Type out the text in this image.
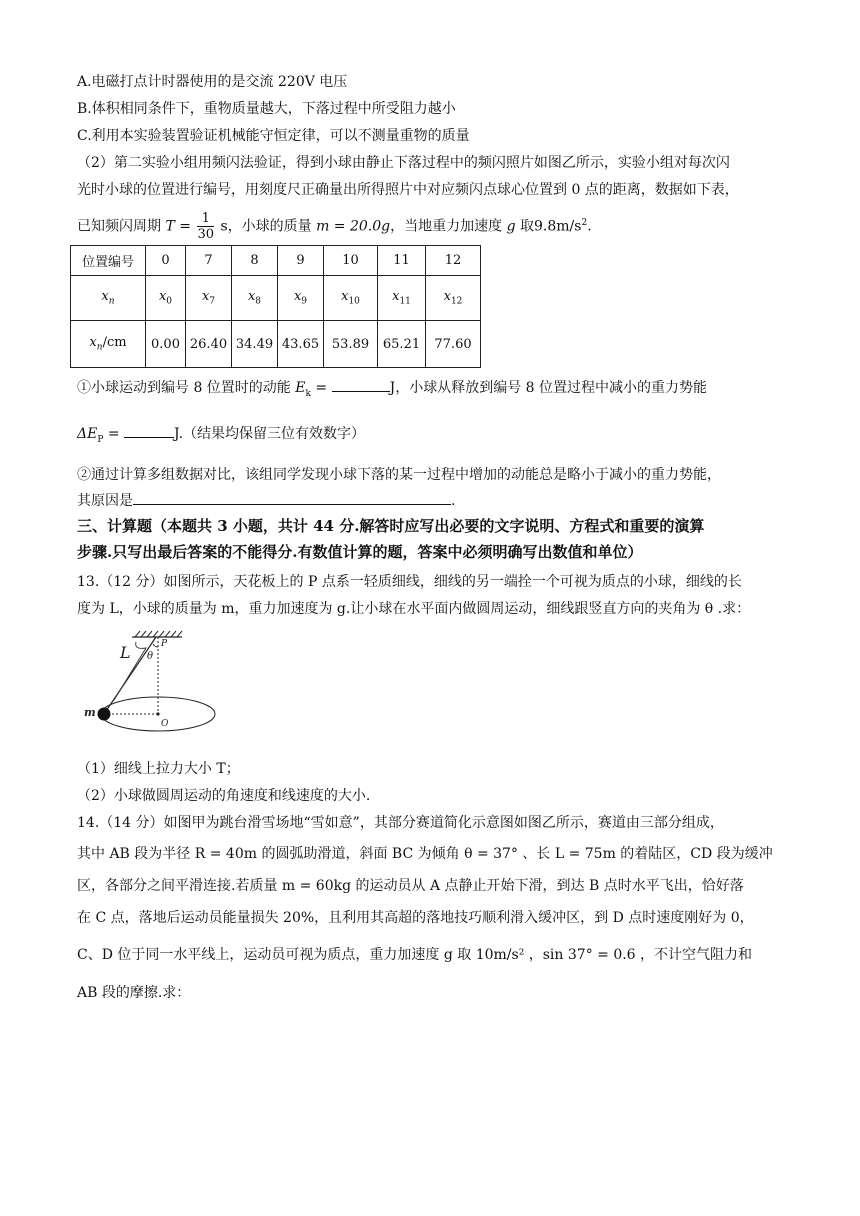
A.电磁打点计时器使用的是交流 220V 电压
B.体积相同条件下，重物质量越大，下落过程中所受阻力越小
C.利用本实验装置验证机械能守恒定律，可以不测量重物的质量
（2）第二实验小组用频闪法验证，得到小球由静止下落过程中的频闪照片如图乙所示，实验小组对每次闪
光时小球的位置进行编号，用刻度尺正确量出所得照片中对应频闪点球心位置到 0 点的距离，数据如下表，
已知频闪周期 $T = \frac{1}{30}$ s，小球的质量 m = 20.0g，当地重力加速度 g 取$9.8m/s^2$.
位置编号	0	7	8	9	10	11	12
$x_n$	$x_0$	$x_7$	$x_8$	$x_9$	$x_{10}$	$x_{11}$	$x_{12}$
$x_n/cm$	0.00	26.40	34.49	43.65	53.89	65.21	77.60
①小球运动到编号 8 位置时的动能 $E_k$ =	J，小球从释放到编号 8 位置过程中减小的重力势能
$\Delta E_P$ =	J.（结果均保留三位有效数字）
②通过计算多组数据对比，该组同学发现小球下落的某一过程中增加的动能总是略小于减小的重力势能，
其原因是	.
三、计算题（本题共 3 小题，共计 44 分.解答时应写出必要的文字说明、方程式和重要的演算
步骤.只写出最后答案的不能得分.有数值计算的题，答案中必须明确写出数值和单位）
13.（12 分）如图所示，天花板上的 P 点系一轻质细线，细线的另一端拴一个可视为质点的小球，细线的长
度为 L，小球的质量为 m，重力加速度为 g.让小球在水平面内做圆周运动，细线跟竖直方向的夹角为 θ .求：
L	P
θ
m
O
（1）细线上拉力大小 T；
（2）小球做圆周运动的角速度和线速度的大小.
14.（14 分）如图甲为跳台滑雪场地“雪如意”，其部分赛道简化示意图如图乙所示，赛道由三部分组成，
其中 AB 段为半径 R = 40m 的圆弧助滑道，斜面 BC 为倾角 θ = 37° 、长 L = 75m 的着陆区，CD 段为缓冲
区，各部分之间平滑连接.若质量 m = 60kg 的运动员从 A 点静止开始下滑，到达 B 点时水平飞出，恰好落
在 C 点，落地后运动员能量损失 20%，且利用其高超的落地技巧顺利滑入缓冲区，到 D 点时速度刚好为 0，
C、D 位于同一水平线上，运动员可视为质点，重力加速度 g 取 10m/s² ，sin 37° = 0.6 ，不计空气阻力和
AB 段的摩擦.求：
